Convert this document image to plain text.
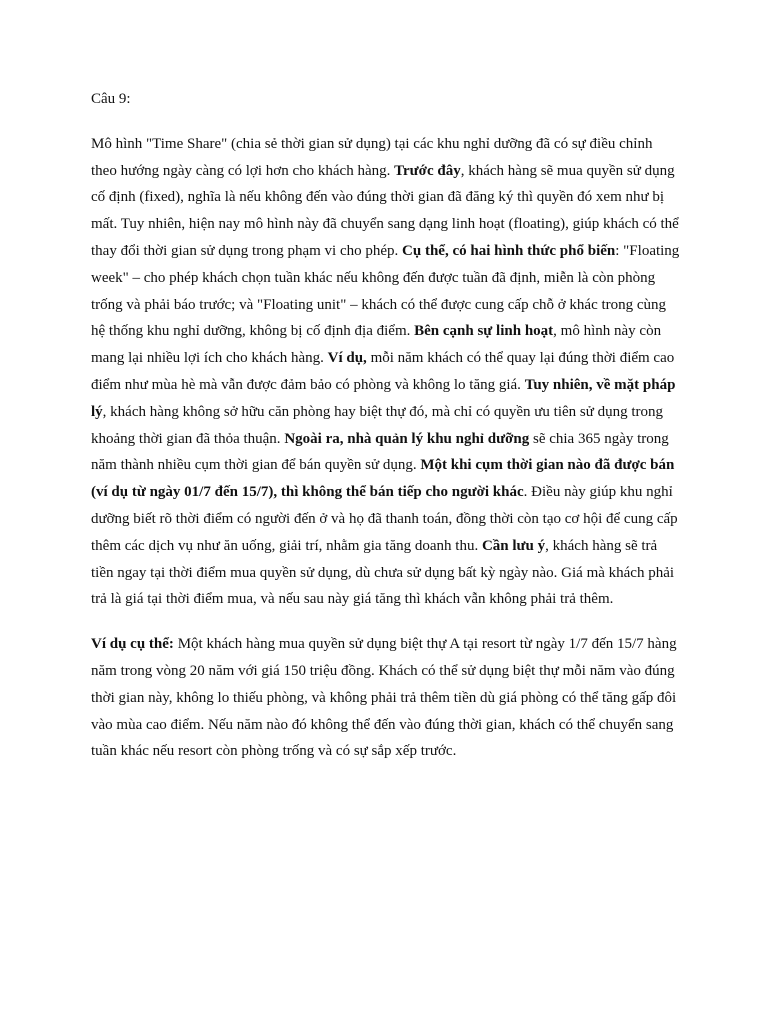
Câu 9:

Mô hình "Time Share" (chia sẻ thời gian sử dụng) tại các khu nghỉ dưỡng đã có sự điều chỉnh theo hướng ngày càng có lợi hơn cho khách hàng. Trước đây, khách hàng sẽ mua quyền sử dụng cố định (fixed), nghĩa là nếu không đến vào đúng thời gian đã đăng ký thì quyền đó xem như bị mất. Tuy nhiên, hiện nay mô hình này đã chuyển sang dạng linh hoạt (floating), giúp khách có thể thay đổi thời gian sử dụng trong phạm vi cho phép. Cụ thể, có hai hình thức phổ biến: "Floating week" – cho phép khách chọn tuần khác nếu không đến được tuần đã định, miễn là còn phòng trống và phải báo trước; và "Floating unit" – khách có thể được cung cấp chỗ ở khác trong cùng hệ thống khu nghỉ dưỡng, không bị cố định địa điểm. Bên cạnh sự linh hoạt, mô hình này còn mang lại nhiều lợi ích cho khách hàng. Ví dụ, mỗi năm khách có thể quay lại đúng thời điểm cao điểm như mùa hè mà vẫn được đảm bảo có phòng và không lo tăng giá. Tuy nhiên, về mặt pháp lý, khách hàng không sở hữu căn phòng hay biệt thự đó, mà chỉ có quyền ưu tiên sử dụng trong khoảng thời gian đã thỏa thuận. Ngoài ra, nhà quản lý khu nghỉ dưỡng sẽ chia 365 ngày trong năm thành nhiều cụm thời gian để bán quyền sử dụng. Một khi cụm thời gian nào đã được bán (ví dụ từ ngày 01/7 đến 15/7), thì không thể bán tiếp cho người khác. Điều này giúp khu nghỉ dưỡng biết rõ thời điểm có người đến ở và họ đã thanh toán, đồng thời còn tạo cơ hội để cung cấp thêm các dịch vụ như ăn uống, giải trí, nhằm gia tăng doanh thu. Cần lưu ý, khách hàng sẽ trả tiền ngay tại thời điểm mua quyền sử dụng, dù chưa sử dụng bất kỳ ngày nào. Giá mà khách phải trả là giá tại thời điểm mua, và nếu sau này giá tăng thì khách vẫn không phải trả thêm.

Ví dụ cụ thể: Một khách hàng mua quyền sử dụng biệt thự A tại resort từ ngày 1/7 đến 15/7 hàng năm trong vòng 20 năm với giá 150 triệu đồng. Khách có thể sử dụng biệt thự mỗi năm vào đúng thời gian này, không lo thiếu phòng, và không phải trả thêm tiền dù giá phòng có thể tăng gấp đôi vào mùa cao điểm. Nếu năm nào đó không thể đến vào đúng thời gian, khách có thể chuyển sang tuần khác nếu resort còn phòng trống và có sự sắp xếp trước.
